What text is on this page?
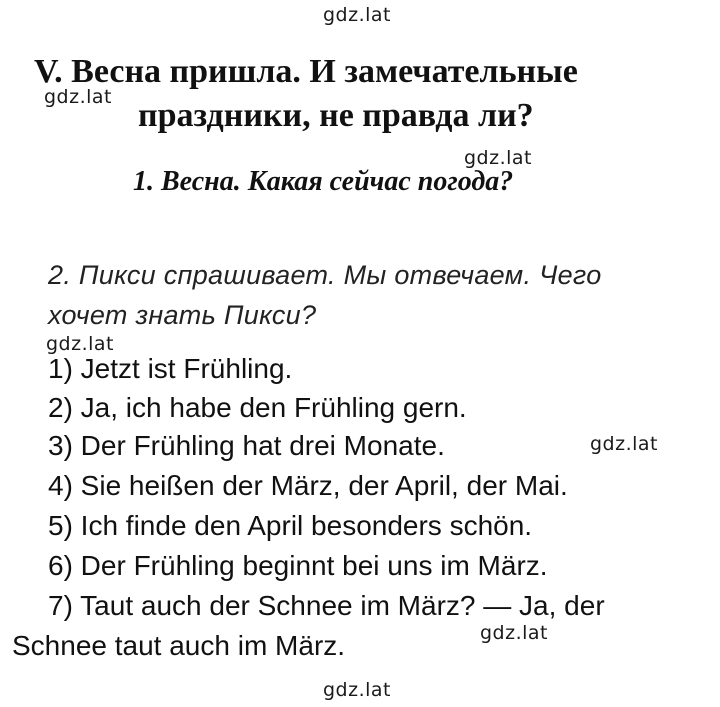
gdz.lat
V. Весна пришла. И замечательные
gdz.lat праздники, не правда ли?
gdz.lat
1. Весна. Какая сейчас погода?
2. Пикси спрашивает. Мы отвечаем. Чего
хочет знать Пикси?
gdz.lat
1) Jetzt ist Frühling.
2) Ja, ich habe den Frühling gern.
3) Der Frühling hat drei Monate.	gdz.lat
4) Sie heißen der März, der April, der Mai.
5) Ich finde den April besonders schön.
6) Der Frühling beginnt bei uns im März.
7) Taut auch der Schnee im März? — Ja, der
gdz.lat
Schnee taut auch im März.
gdz.lat
